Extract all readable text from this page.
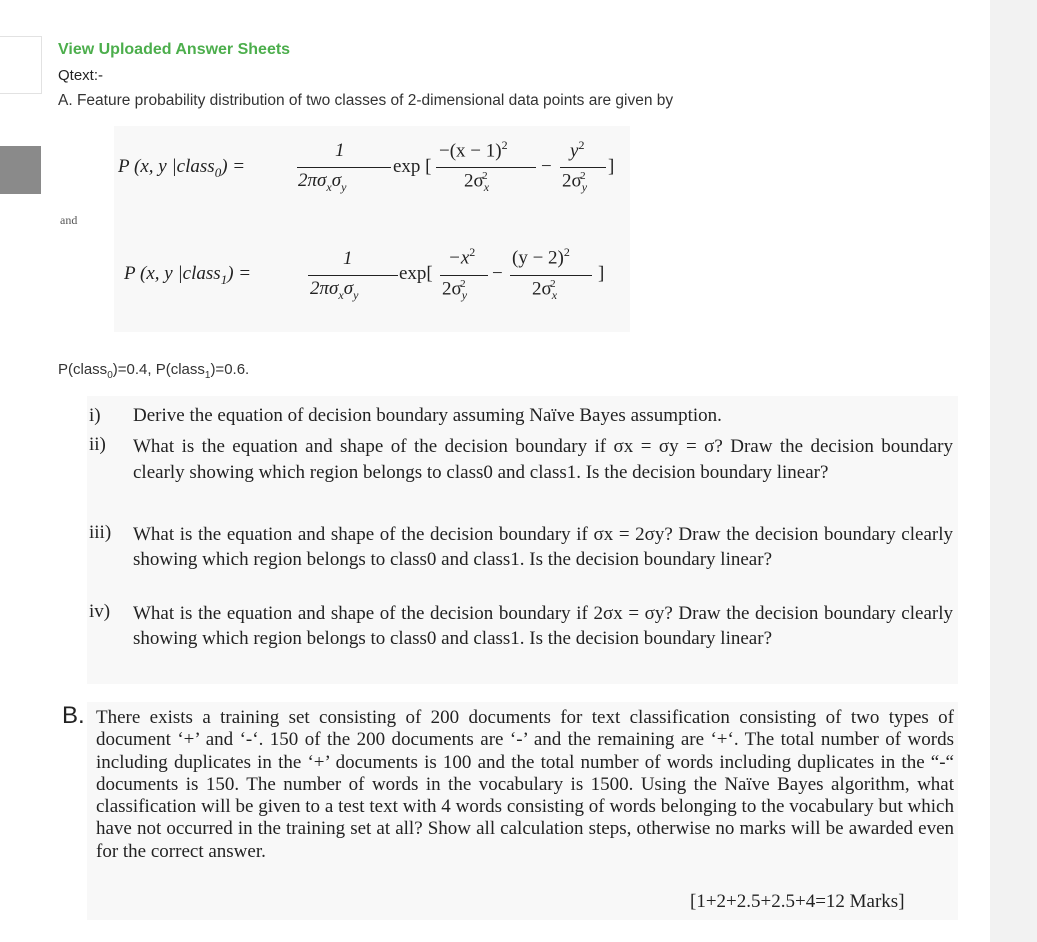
View Uploaded Answer Sheets
Qtext:-
A. Feature probability distribution of two classes of 2-dimensional data points are given by
and
P (x, y |class$_0$) =
1
$2\pi\sigma_x\sigma_y$
exp [
$-(x - 1)^2$
$2\sigma_x^2$	−
$y^2$
$2\sigma_y^2$ ]
P (x, y |class$_1$) =
1
$2\pi\sigma_x\sigma_y$
exp[
$-x^2$
$2\sigma_y^2$ −
$(y - 2)^2$
$2\sigma_x^2$ ]
P(class$_0$)=0.4, P(class$_1$)=0.6.
i) Derive the equation of decision boundary assuming Naïve Bayes assumption.
ii) What is the equation and shape of the decision boundary if σx = σy = σ? Draw the decision boundary clearly showing which region belongs to class0 and class1. Is the decision boundary linear?
iii) What is the equation and shape of the decision boundary if σx = 2σy? Draw the decision boundary clearly showing which region belongs to class0 and class1. Is the decision boundary linear?
iv) What is the equation and shape of the decision boundary if 2σx = σy? Draw the decision boundary clearly showing which region belongs to class0 and class1. Is the decision boundary linear?
B. There exists a training set consisting of 200 documents for text classification consisting of two types of document ‘+’ and ‘-‘. 150 of the 200 documents are ‘-’ and the remaining are ‘+‘. The total number of words including duplicates in the ‘+’ documents is 100 and the total number of words including duplicates in the “-“ documents is 150. The number of words in the vocabulary is 1500. Using the Naïve Bayes algorithm, what classification will be given to a test text with 4 words consisting of words belonging to the vocabulary but which have not occurred in the training set at all? Show all calculation steps, otherwise no marks will be awarded even for the correct answer.
[1+2+2.5+2.5+4=12 Marks]
